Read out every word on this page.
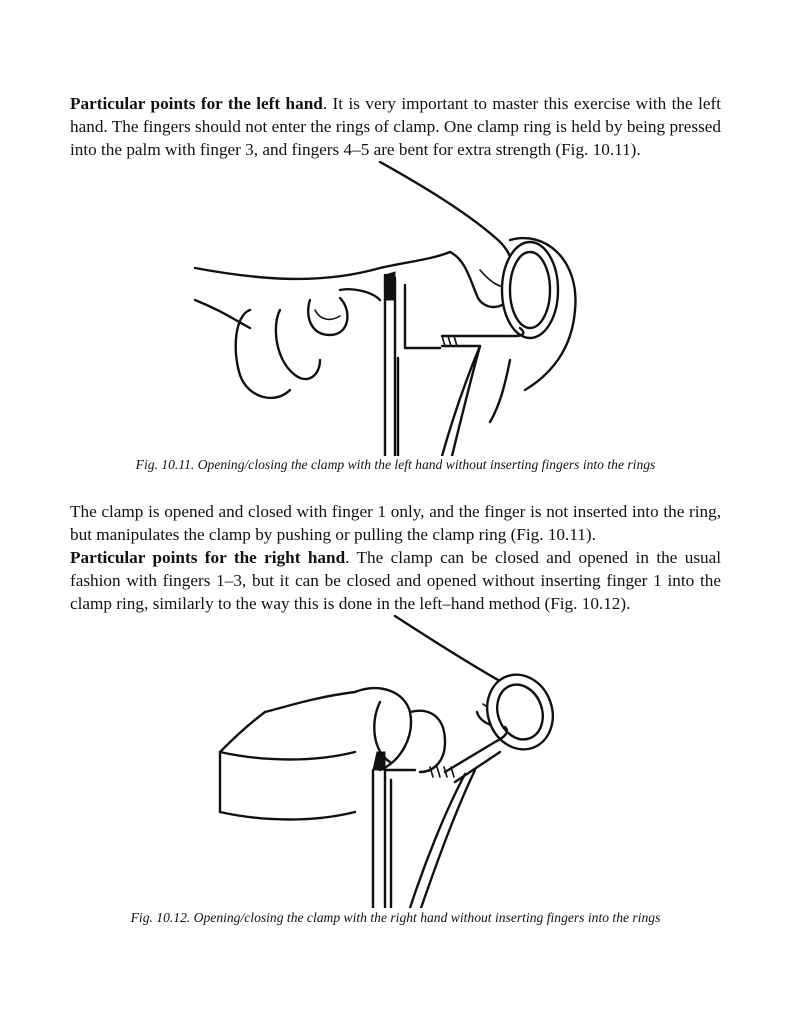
Particular points for the left hand. It is very important to master this exercise with the left hand. The fingers should not enter the rings of clamp. One clamp ring is held by being pressed into the palm with finger 3, and fingers 4–5 are bent for extra strength (Fig. 10.11).

Fig. 10.11. Opening/closing the clamp with the left hand without inserting fingers into the rings

The clamp is opened and closed with finger 1 only, and the finger is not inserted into the ring, but manipulates the clamp by pushing or pulling the clamp ring (Fig. 10.11).

Particular points for the right hand. The clamp can be closed and opened in the usual fashion with fingers 1–3, but it can be closed and opened without inserting finger 1 into the clamp ring, similarly to the way this is done in the left–hand method (Fig. 10.12).

Fig. 10.12. Opening/closing the clamp with the right hand without inserting fingers into the rings
